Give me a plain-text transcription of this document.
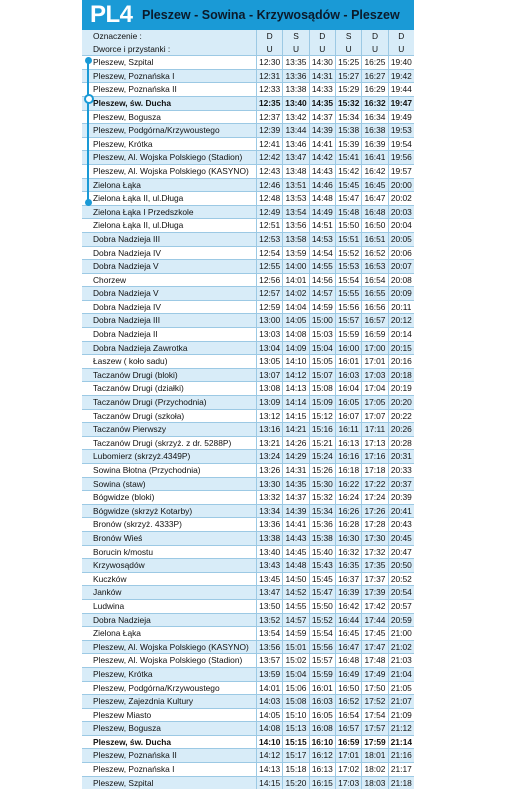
PL4 Pleszew - Sowina - Krzywosądów - Pleszew
Oznaczenie :	D	S	D	S	D	D
Dworce i przystanki :	U	U	U	U	U	U
Pleszew, Szpital	12:30 13:35 14:30 15:25 16:25 19:40
Pleszew, Poznańska I	12:31 13:36 14:31 15:27 16:27 19:42
Pleszew, Poznańska II	12:33 13:38 14:33 15:29 16:29 19:44
Pleszew, św. Ducha	12:35 13:40 14:35 15:32 16:32 19:47
Pleszew, Bogusza	12:37 13:42 14:37 15:34 16:34 19:49
Pleszew, Podgórna/Krzywoustego	12:39 13:44 14:39 15:38 16:38 19:53
Pleszew, Krótka	12:41 13:46 14:41 15:39 16:39 19:54
Pleszew, Al. Wojska Polskiego (Stadion)	12:42 13:47 14:42 15:41 16:41 19:56
Pleszew, Al. Wojska Polskiego (KASYNO)	12:43 13:48 14:43 15:42 16:42 19:57
Zielona Łąka	12:46 13:51 14:46 15:45 16:45 20:00
Zielona Łąka II, ul.Długa	12:48 13:53 14:48 15:47 16:47 20:02
Zielona Łąka I Przedszkole	12:49 13:54 14:49 15:48 16:48 20:03
Zielona Łąka II, ul.Długa	12:51 13:56 14:51 15:50 16:50 20:04
Dobra Nadzieja III	12:53 13:58 14:53 15:51 16:51 20:05
Dobra Nadzieja IV	12:54 13:59 14:54 15:52 16:52 20:06
Dobra Nadzieja V	12:55 14:00 14:55 15:53 16:53 20:07
Chorzew	12:56 14:01 14:56 15:54 16:54 20:08
Dobra Nadzieja V	12:57 14:02 14:57 15:55 16:55 20:09
Dobra Nadzieja IV	12:59 14:04 14:59 15:56 16:56 20:11
Dobra Nadzieja III	13:00 14:05 15:00 15:57 16:57 20:12
Dobra Nadzieja II	13:03 14:08 15:03 15:59 16:59 20:14
Dobra Nadzieja Zawrotka	13:04 14:09 15:04 16:00 17:00 20:15
Łaszew ( koło sadu)	13:05 14:10 15:05 16:01 17:01 20:16
Taczanów Drugi (bloki)	13:07 14:12 15:07 16:03 17:03 20:18
Taczanów Drugi (działki)	13:08 14:13 15:08 16:04 17:04 20:19
Taczanów Drugi (Przychodnia)	13:09 14:14 15:09 16:05 17:05 20:20
Taczanów Drugi (szkoła)	13:12 14:15 15:12 16:07 17:07 20:22
Taczanów Pierwszy	13:16 14:21 15:16 16:11 17:11 20:26
Taczanów Drugi (skrzyż. z dr. 5288P)	13:21 14:26 15:21 16:13 17:13 20:28
Lubomierz (skrzyż.4349P)	13:24 14:29 15:24 16:16 17:16 20:31
Sowina Błotna (Przychodnia)	13:26 14:31 15:26 16:18 17:18 20:33
Sowina (staw)	13:30 14:35 15:30 16:22 17:22 20:37
Bógwidze (bloki)	13:32 14:37 15:32 16:24 17:24 20:39
Bógwidze (skrzyż Kotarby)	13:34 14:39 15:34 16:26 17:26 20:41
Bronów (skrzyż. 4333P)	13:36 14:41 15:36 16:28 17:28 20:43
Bronów Wieś	13:38 14:43 15:38 16:30 17:30 20:45
Borucin k/mostu	13:40 14:45 15:40 16:32 17:32 20:47
Krzywosądów	13:43 14:48 15:43 16:35 17:35 20:50
Kuczków	13:45 14:50 15:45 16:37 17:37 20:52
Janków	13:47 14:52 15:47 16:39 17:39 20:54
Ludwina	13:50 14:55 15:50 16:42 17:42 20:57
Dobra Nadzieja	13:52 14:57 15:52 16:44 17:44 20:59
Zielona Łąka	13:54 14:59 15:54 16:45 17:45 21:00
Pleszew, Al. Wojska Polskiego (KASYNO)	13:56 15:01 15:56 16:47 17:47 21:02
Pleszew, Al. Wojska Polskiego (Stadion)	13:57 15:02 15:57 16:48 17:48 21:03
Pleszew, Krótka	13:59 15:04 15:59 16:49 17:49 21:04
Pleszew, Podgórna/Krzywoustego	14:01 15:06 16:01 16:50 17:50 21:05
Pleszew, Zajezdnia Kultury	14:03 15:08 16:03 16:52 17:52 21:07
Pleszew Miasto	14:05 15:10 16:05 16:54 17:54 21:09
Pleszew, Bogusza	14:08 15:13 16:08 16:57 17:57 21:12
Pleszew, św. Ducha	14:10 15:15 16:10 16:59 17:59 21:14
Pleszew, Poznańska II	14:12 15:17 16:12 17:01 18:01 21:16
Pleszew, Poznańska I	14:13 15:18 16:13 17:02 18:02 21:17
Pleszew, Szpital	14:15 15:20 16:15 17:03 18:03 21:18
